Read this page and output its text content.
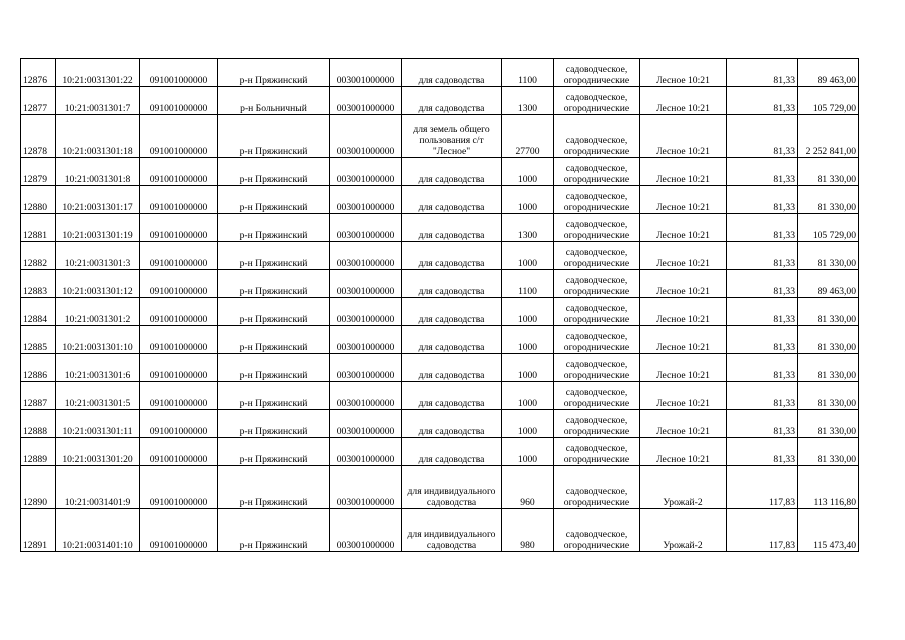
12876	10:21:0031301:22	091001000000	р-н Пряжинский	003001000000	для садоводства	1100	садоводческое, огороднические	Лесное 10:21	81,33	89 463,00
12877	10:21:0031301:7	091001000000	р-н Больничный	003001000000	для садоводства	1300	садоводческое, огороднические	Лесное 10:21	81,33	105 729,00
12878	10:21:0031301:18	091001000000	р-н Пряжинский	003001000000	для земель общего пользования с/т "Лесное"	27700	садоводческое, огороднические	Лесное 10:21	81,33	2 252 841,00
12879	10:21:0031301:8	091001000000	р-н Пряжинский	003001000000	для садоводства	1000	садоводческое, огороднические	Лесное 10:21	81,33	81 330,00
12880	10:21:0031301:17	091001000000	р-н Пряжинский	003001000000	для садоводства	1000	садоводческое, огороднические	Лесное 10:21	81,33	81 330,00
12881	10:21:0031301:19	091001000000	р-н Пряжинский	003001000000	для садоводства	1300	садоводческое, огороднические	Лесное 10:21	81,33	105 729,00
12882	10:21:0031301:3	091001000000	р-н Пряжинский	003001000000	для садоводства	1000	садоводческое, огороднические	Лесное 10:21	81,33	81 330,00
12883	10:21:0031301:12	091001000000	р-н Пряжинский	003001000000	для садоводства	1100	садоводческое, огороднические	Лесное 10:21	81,33	89 463,00
12884	10:21:0031301:2	091001000000	р-н Пряжинский	003001000000	для садоводства	1000	садоводческое, огороднические	Лесное 10:21	81,33	81 330,00
12885	10:21:0031301:10	091001000000	р-н Пряжинский	003001000000	для садоводства	1000	садоводческое, огороднические	Лесное 10:21	81,33	81 330,00
12886	10:21:0031301:6	091001000000	р-н Пряжинский	003001000000	для садоводства	1000	садоводческое, огороднические	Лесное 10:21	81,33	81 330,00
12887	10:21:0031301:5	091001000000	р-н Пряжинский	003001000000	для садоводства	1000	садоводческое, огороднические	Лесное 10:21	81,33	81 330,00
12888	10:21:0031301:11	091001000000	р-н Пряжинский	003001000000	для садоводства	1000	садоводческое, огороднические	Лесное 10:21	81,33	81 330,00
12889	10:21:0031301:20	091001000000	р-н Пряжинский	003001000000	для садоводства	1000	садоводческое, огороднические	Лесное 10:21	81,33	81 330,00
12890	10:21:0031401:9	091001000000	р-н Пряжинский	003001000000	для индивидуального садоводства	960	садоводческое, огороднические	Урожай-2	117,83	113 116,80
12891	10:21:0031401:10	091001000000	р-н Пряжинский	003001000000	для индивидуального садоводства	980	садоводческое, огороднические	Урожай-2	117,83	115 473,40
